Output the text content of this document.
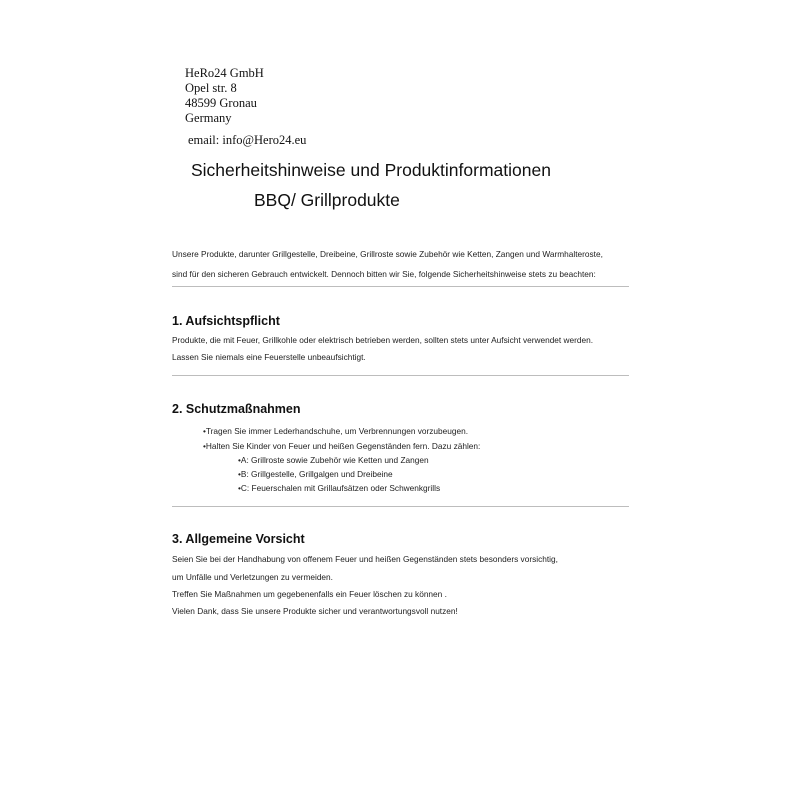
HeRo24 GmbH
Opel str. 8
48599 Gronau
Germany
email: info@Hero24.eu
Sicherheitshinweise und Produktinformationen
BBQ/ Grillprodukte
Unsere Produkte, darunter Grillgestelle, Dreibeine, Grillroste sowie Zubehör wie Ketten, Zangen und Warmhalteroste,
sind für den sicheren Gebrauch entwickelt. Dennoch bitten wir Sie, folgende Sicherheitshinweise stets zu beachten:
1. Aufsichtspflicht
Produkte, die mit Feuer, Grillkohle oder elektrisch betrieben werden, sollten stets unter Aufsicht verwendet werden.
Lassen Sie niemals eine Feuerstelle unbeaufsichtigt.
2. Schutzmaßnahmen
•Tragen Sie immer Lederhandschuhe, um Verbrennungen vorzubeugen.
•Halten Sie Kinder von Feuer und heißen Gegenständen fern. Dazu zählen:
•A: Grillroste sowie Zubehör wie Ketten und Zangen
•B: Grillgestelle, Grillgalgen und Dreibeine
•C: Feuerschalen mit Grillaufsätzen oder Schwenkgrills
3. Allgemeine Vorsicht
Seien Sie bei der Handhabung von offenem Feuer und heißen Gegenständen stets besonders vorsichtig,
um Unfälle und Verletzungen zu vermeiden.
Treffen Sie Maßnahmen um gegebenenfalls ein Feuer löschen zu können .
Vielen Dank, dass Sie unsere Produkte sicher und verantwortungsvoll nutzen!
